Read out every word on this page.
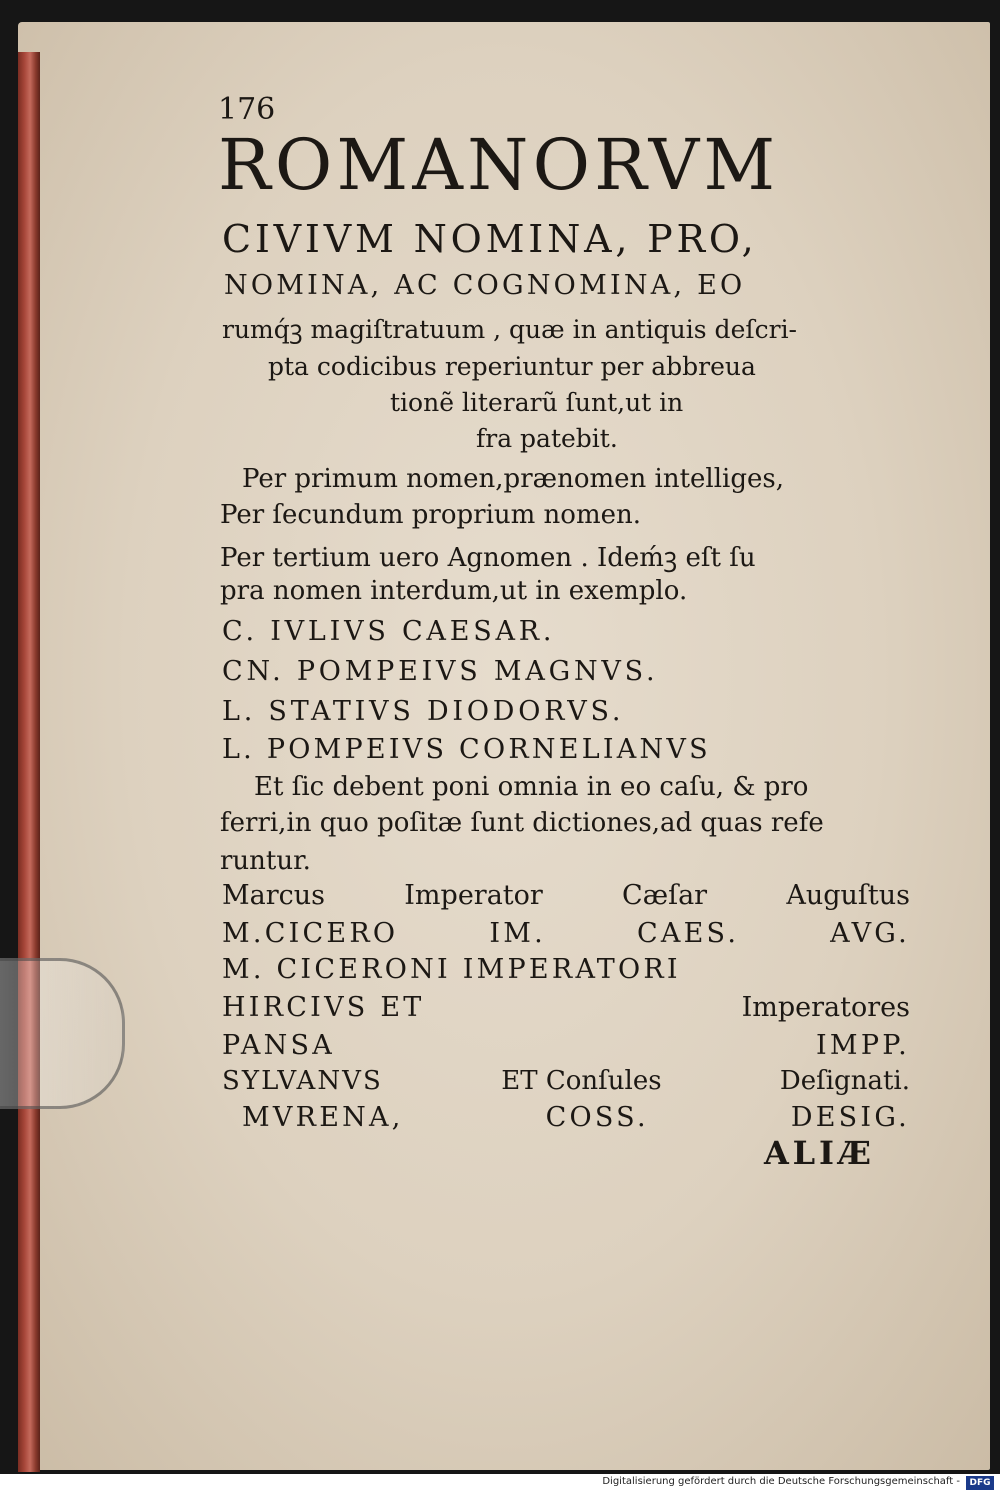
176
ROMANORVM
CIVIVM NOMINA, PRO,
NOMINA, AC COGNOMINA, EO
rumq́ꝫ magiſtratuum , quæ in antiquis deſcri-
pta codicibus reperiuntur per abbreua
tionẽ literarũ ſunt,ut in
fra patebit.
Per primum nomen,prænomen intelliges,
Per ſecundum proprium nomen.
Per tertium uero Agnomen . Ideḿꝫ eſt ſu
pra nomen interdum,ut in exemplo.
C. IVLIVS CAESAR.
CN. POMPEIVS MAGNVS.
L. STATIVS DIODORVS.
L. POMPEIVS CORNELIANVS
Et ſic debent poni omnia in eo caſu, & pro
ferri,in quo poſitæ ſunt dictiones,ad quas refe
runtur.
Marcus	Imperator	Cæſar	Auguſtus
M.CICERO	IM.	CAES.	AVG.
M. CICERONI IMPERATORI
HIRCIVS ET	Imperatores
PANSA	IMPP.
SYLVANVS	ET Conſules	Deſignati.
MVRENA,	COSS.	DESIG.
ALIÆ
Digitalisierung gefördert durch die Deutsche Forschungsgemeinschaft -	DFG
